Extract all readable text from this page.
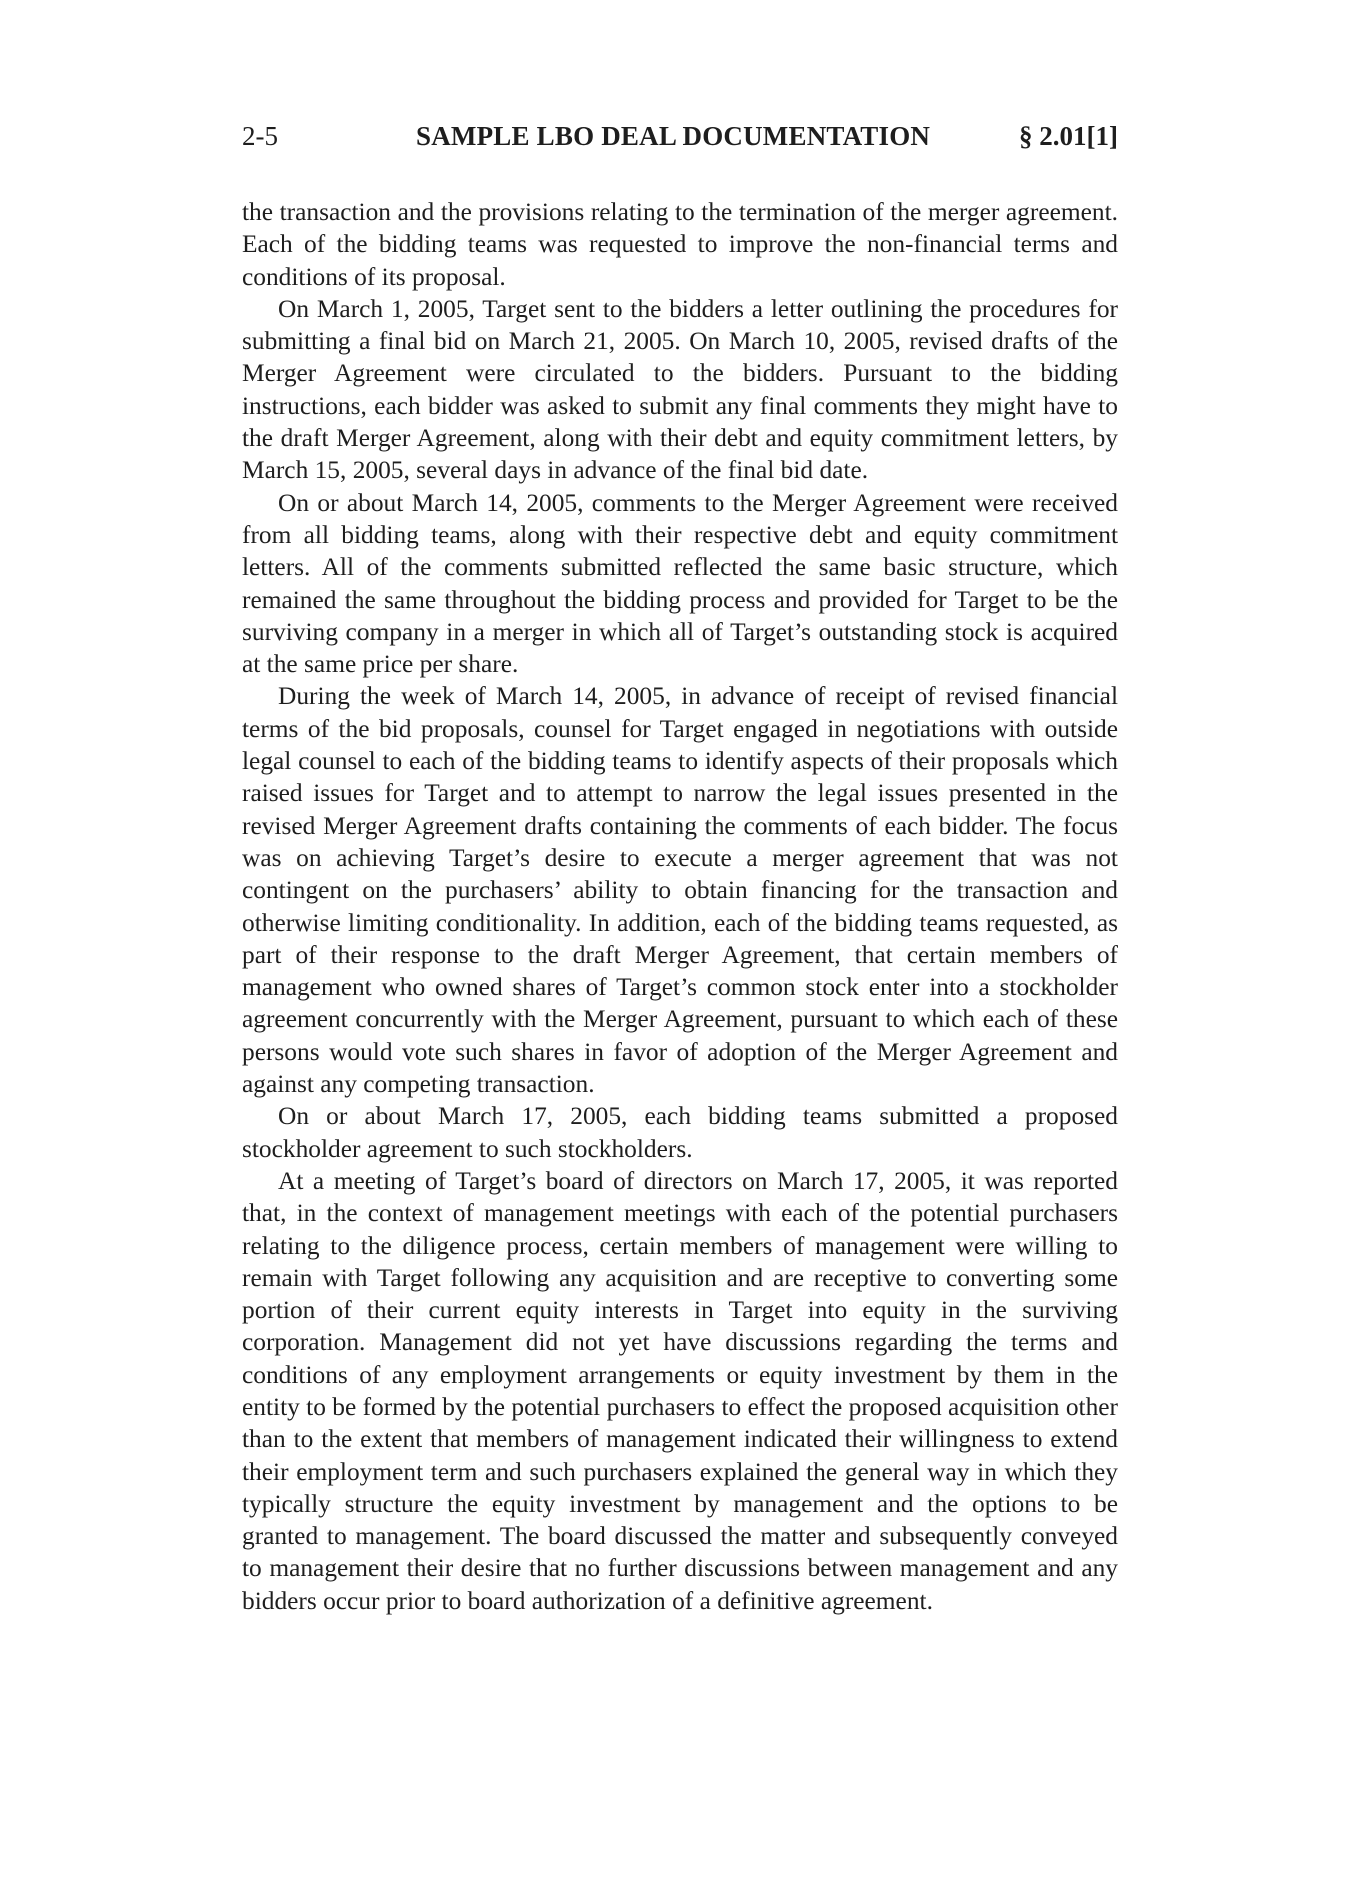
2-5	SAMPLE LBO DEAL DOCUMENTATION	§ 2.01[1]

the transaction and the provisions relating to the termination of the merger agreement. Each of the bidding teams was requested to improve the non-financial terms and conditions of its proposal.

On March 1, 2005, Target sent to the bidders a letter outlining the procedures for submitting a final bid on March 21, 2005. On March 10, 2005, revised drafts of the Merger Agreement were circulated to the bidders. Pursuant to the bidding instructions, each bidder was asked to submit any final comments they might have to the draft Merger Agreement, along with their debt and equity commitment letters, by March 15, 2005, several days in advance of the final bid date.

On or about March 14, 2005, comments to the Merger Agreement were received from all bidding teams, along with their respective debt and equity commitment letters. All of the comments submitted reflected the same basic structure, which remained the same throughout the bidding process and provided for Target to be the surviving company in a merger in which all of Target’s outstanding stock is acquired at the same price per share.

During the week of March 14, 2005, in advance of receipt of revised financial terms of the bid proposals, counsel for Target engaged in negotiations with outside legal counsel to each of the bidding teams to identify aspects of their proposals which raised issues for Target and to attempt to narrow the legal issues presented in the revised Merger Agreement drafts containing the comments of each bidder. The focus was on achieving Target’s desire to execute a merger agreement that was not contingent on the purchasers’ ability to obtain financing for the transaction and otherwise limiting conditionality. In addition, each of the bidding teams requested, as part of their response to the draft Merger Agreement, that certain members of management who owned shares of Target’s common stock enter into a stockholder agreement concurrently with the Merger Agreement, pursuant to which each of these persons would vote such shares in favor of adoption of the Merger Agreement and against any competing transaction.

On or about March 17, 2005, each bidding teams submitted a proposed stockholder agreement to such stockholders.

At a meeting of Target’s board of directors on March 17, 2005, it was reported that, in the context of management meetings with each of the potential purchasers relating to the diligence process, certain members of management were willing to remain with Target following any acquisition and are receptive to converting some portion of their current equity interests in Target into equity in the surviving corporation. Management did not yet have discussions regarding the terms and conditions of any employment arrangements or equity investment by them in the entity to be formed by the potential purchasers to effect the proposed acquisition other than to the extent that members of management indicated their willingness to extend their employment term and such purchasers explained the general way in which they typically structure the equity investment by management and the options to be granted to management. The board discussed the matter and subsequently conveyed to management their desire that no further discussions between management and any bidders occur prior to board authorization of a definitive agreement.
